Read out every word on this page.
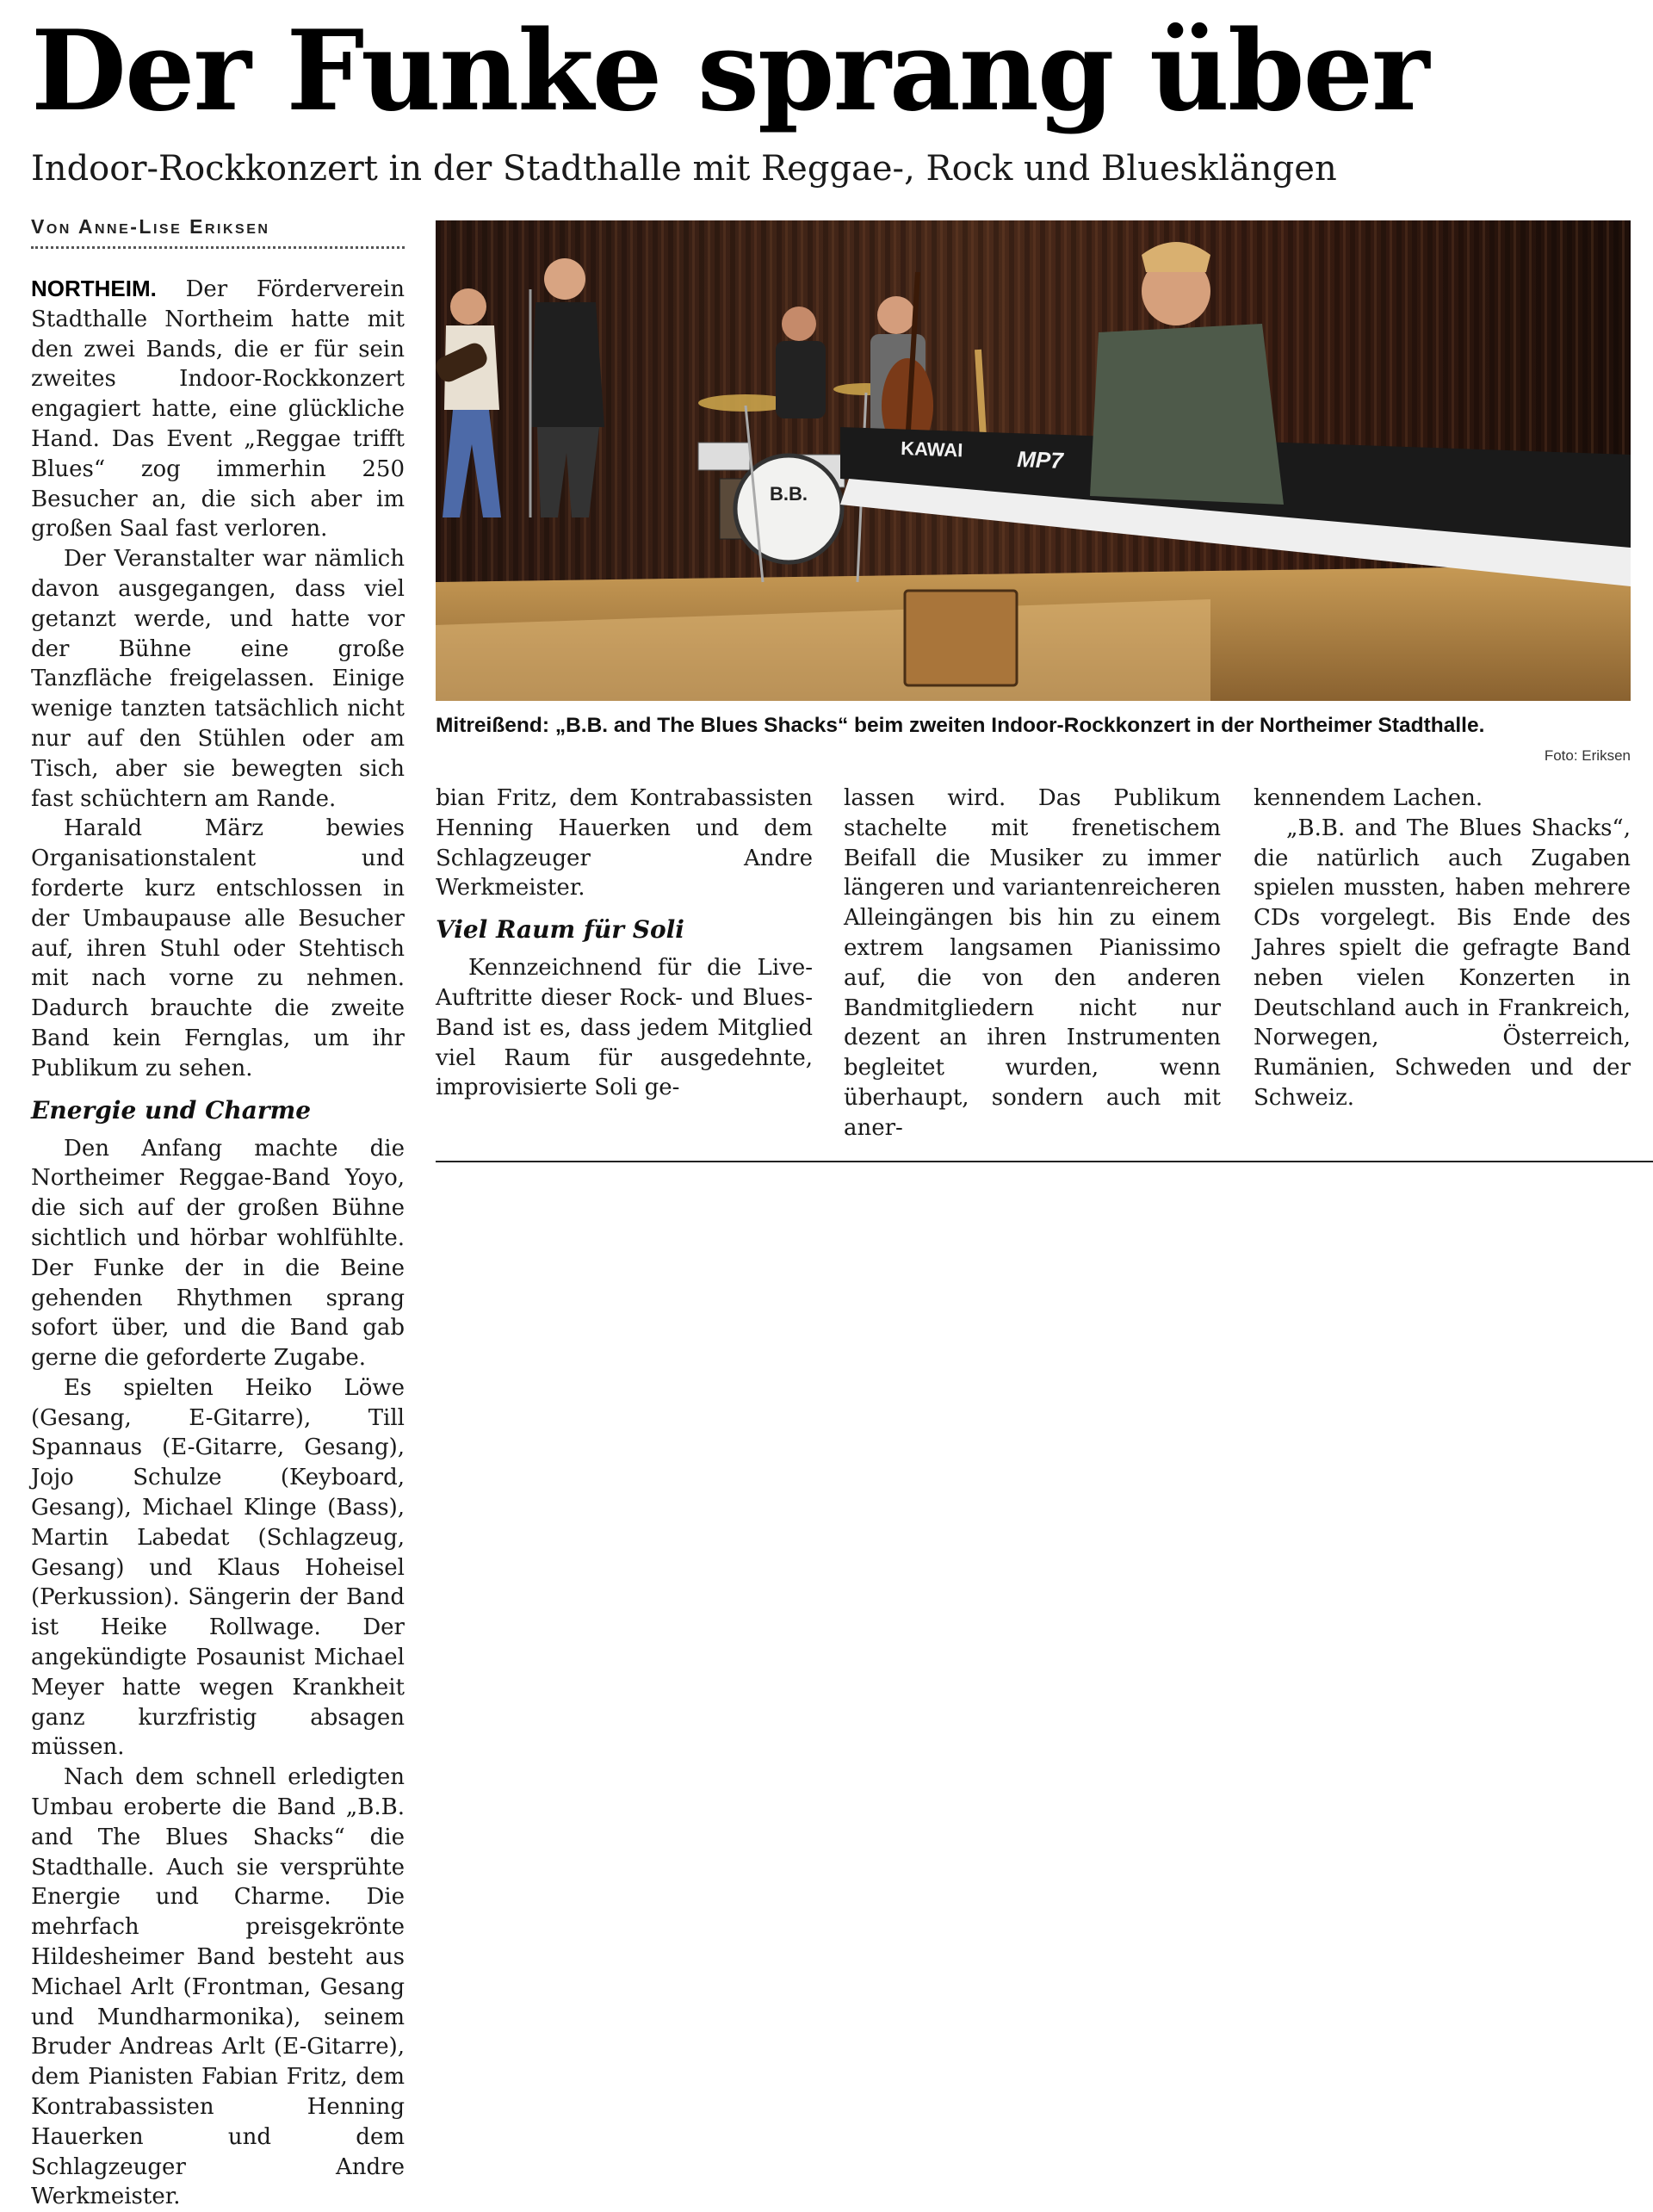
Der Funke sprang über
Indoor-Rockkonzert in der Stadthalle mit Reggae-, Rock und Bluesklängen
Von Anne-Lise Eriksen

NORTHEIM. Der Förderverein Stadthalle Northeim hatte mit den zwei Bands, die er für sein zweites Indoor-Rockkonzert engagiert hatte, eine glückliche Hand. Das Event „Reggae trifft Blues“ zog immerhin 250 Besucher an, die sich aber im großen Saal fast verloren.

Der Veranstalter war nämlich davon ausgegangen, dass viel getanzt werde, und hatte vor der Bühne eine große Tanzfläche freigelassen. Einige wenige tanzten tatsächlich nicht nur auf den Stühlen oder am Tisch, aber sie bewegten sich fast schüchtern am Rande.

Harald März bewies Organisationstalent und forderte kurz entschlossen in der Umbaupause alle Besucher auf, ihren Stuhl oder Stehtisch mit nach vorne zu nehmen. Dadurch brauchte die zweite Band kein Fernglas, um ihr Publikum zu sehen.

Energie und Charme

Den Anfang machte die Northeimer Reggae-Band Yoyo, die sich auf der großen Bühne sichtlich und hörbar wohlfühlte. Der Funke der in die Beine gehenden Rhythmen sprang sofort über, und die Band gab gerne die geforderte Zugabe.

Es spielten Heiko Löwe (Gesang, E-Gitarre), Till Spannaus (E-Gitarre, Gesang), Jojo Schulze (Keyboard, Gesang), Michael Klinge (Bass), Martin Labedat (Schlagzeug, Gesang) und Klaus Hoheisel (Perkussion). Sängerin der Band ist Heike Rollwage. Der angekündigte Posaunist Michael Meyer hatte wegen Krankheit ganz kurzfristig absagen müssen.

Nach dem schnell erledigten Umbau eroberte die Band „B.B. and The Blues Shacks“ die Stadthalle. Auch sie versprühte Energie und Charme. Die mehrfach preisgekrönte Hildesheimer Band besteht aus Michael Arlt (Frontman, Gesang und Mundharmonika), seinem Bruder Andreas Arlt (E-Gitarre), dem Pianisten Fabian Fritz, dem Kontrabassisten Henning Hauerken und dem Schlagzeuger Andre Werkmeister.

B.B.
KAWAI MP7
Mitreißend: „B.B. and The Blues Shacks“ beim zweiten Indoor-Rockkonzert in der Northeimer Stadthalle.
Foto: Eriksen

bian Fritz, dem Kontrabassisten Henning Hauerken und dem Schlagzeuger Andre Werkmeister.

Viel Raum für Soli

Kennzeichnend für die Live-Auftritte dieser Rock- und Blues-Band ist es, dass jedem Mitglied viel Raum für ausgedehnte, improvisierte Soli ge-

lassen wird. Das Publikum stachelte mit frenetischem Beifall die Musiker zu immer längeren und variantenreicheren Alleingängen bis hin zu einem extrem langsamen Pianissimo auf, die von den anderen Bandmitgliedern nicht nur dezent an ihren Instrumenten begleitet wurden, wenn überhaupt, sondern auch mit aner-

kennendem Lachen.

„B.B. and The Blues Shacks“, die natürlich auch Zugaben spielen mussten, haben mehrere CDs vorgelegt. Bis Ende des Jahres spielt die gefragte Band neben vielen Konzerten in Deutschland auch in Frankreich, Norwegen, Österreich, Rumänien, Schweden und der Schweiz.
